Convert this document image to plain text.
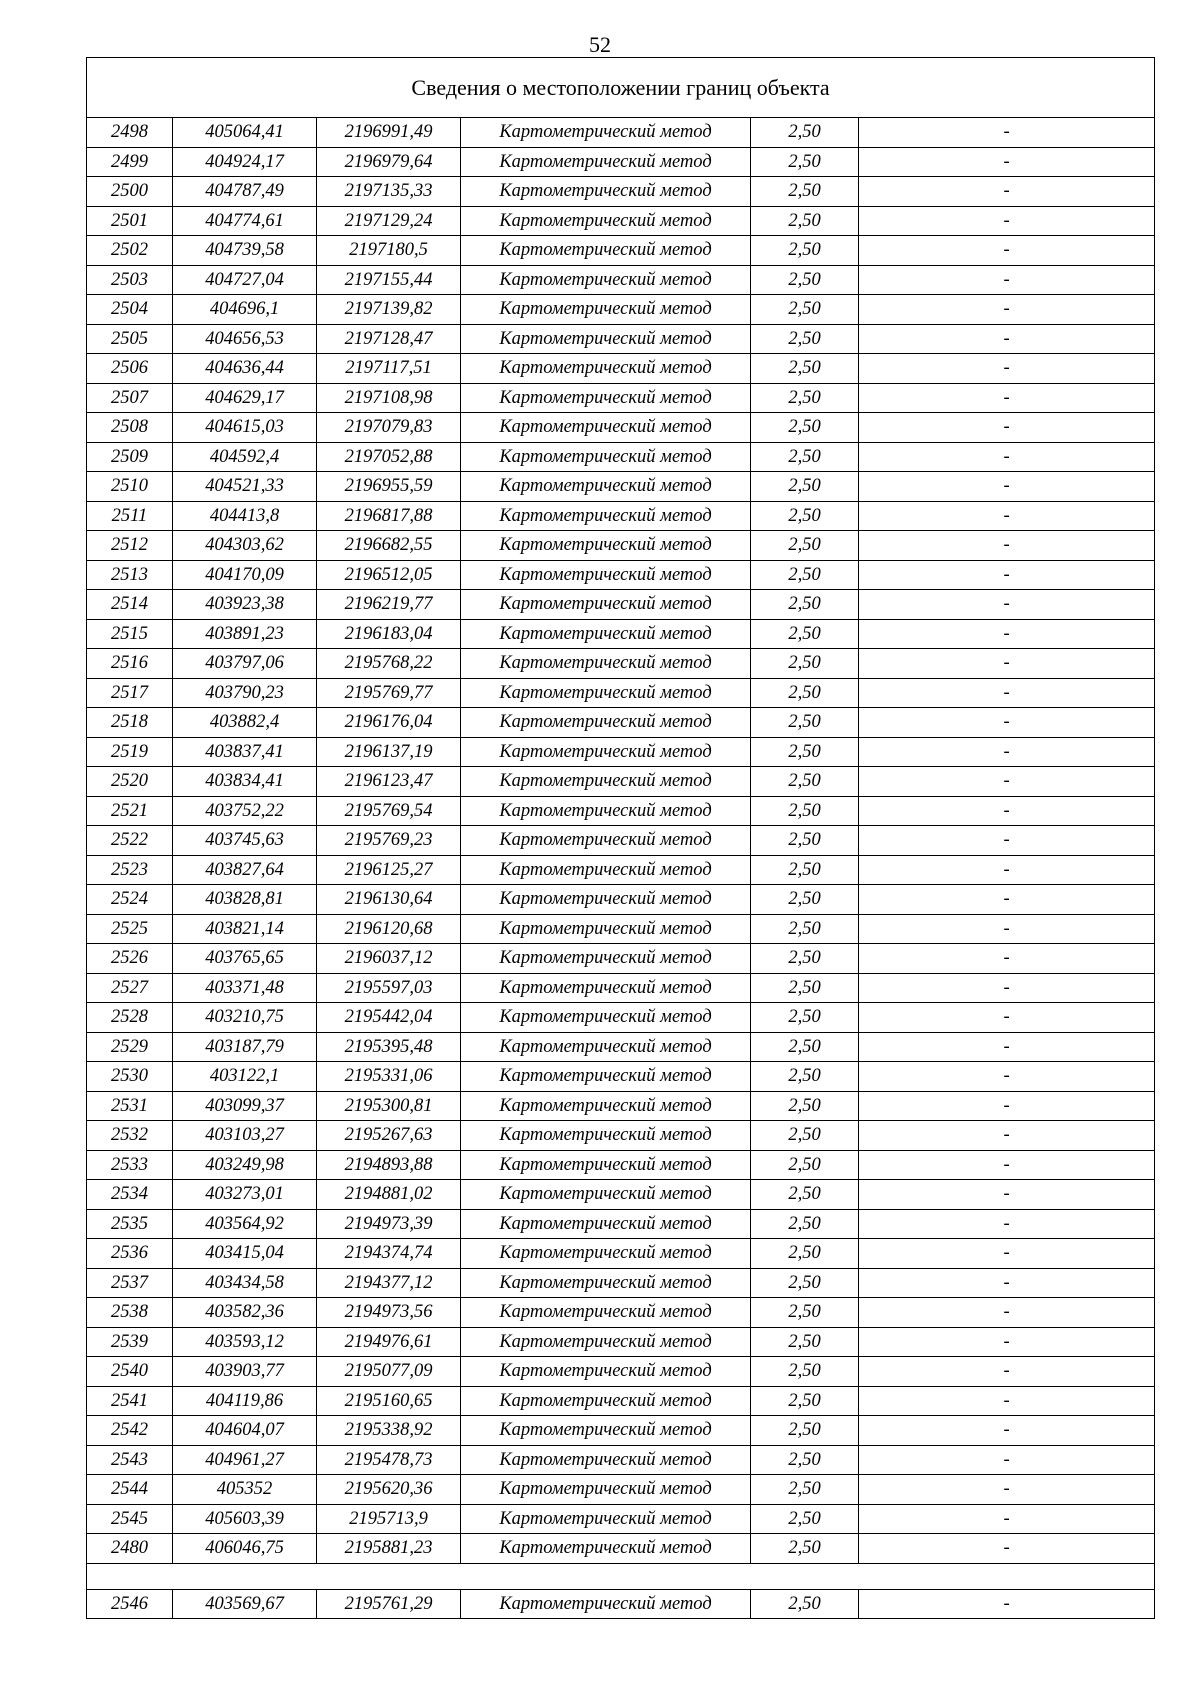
52
Сведения о местоположении границ объекта					
2498	405064,41	2196991,49	Картометрический метод	2,50	-
2499	404924,17	2196979,64	Картометрический метод	2,50	-
2500	404787,49	2197135,33	Картометрический метод	2,50	-
2501	404774,61	2197129,24	Картометрический метод	2,50	-
2502	404739,58	2197180,5	Картометрический метод	2,50	-
2503	404727,04	2197155,44	Картометрический метод	2,50	-
2504	404696,1	2197139,82	Картометрический метод	2,50	-
2505	404656,53	2197128,47	Картометрический метод	2,50	-
2506	404636,44	2197117,51	Картометрический метод	2,50	-
2507	404629,17	2197108,98	Картометрический метод	2,50	-
2508	404615,03	2197079,83	Картометрический метод	2,50	-
2509	404592,4	2197052,88	Картометрический метод	2,50	-
2510	404521,33	2196955,59	Картометрический метод	2,50	-
2511	404413,8	2196817,88	Картометрический метод	2,50	-
2512	404303,62	2196682,55	Картометрический метод	2,50	-
2513	404170,09	2196512,05	Картометрический метод	2,50	-
2514	403923,38	2196219,77	Картометрический метод	2,50	-
2515	403891,23	2196183,04	Картометрический метод	2,50	-
2516	403797,06	2195768,22	Картометрический метод	2,50	-
2517	403790,23	2195769,77	Картометрический метод	2,50	-
2518	403882,4	2196176,04	Картометрический метод	2,50	-
2519	403837,41	2196137,19	Картометрический метод	2,50	-
2520	403834,41	2196123,47	Картометрический метод	2,50	-
2521	403752,22	2195769,54	Картометрический метод	2,50	-
2522	403745,63	2195769,23	Картометрический метод	2,50	-
2523	403827,64	2196125,27	Картометрический метод	2,50	-
2524	403828,81	2196130,64	Картометрический метод	2,50	-
2525	403821,14	2196120,68	Картометрический метод	2,50	-
2526	403765,65	2196037,12	Картометрический метод	2,50	-
2527	403371,48	2195597,03	Картометрический метод	2,50	-
2528	403210,75	2195442,04	Картометрический метод	2,50	-
2529	403187,79	2195395,48	Картометрический метод	2,50	-
2530	403122,1	2195331,06	Картометрический метод	2,50	-
2531	403099,37	2195300,81	Картометрический метод	2,50	-
2532	403103,27	2195267,63	Картометрический метод	2,50	-
2533	403249,98	2194893,88	Картометрический метод	2,50	-
2534	403273,01	2194881,02	Картометрический метод	2,50	-
2535	403564,92	2194973,39	Картометрический метод	2,50	-
2536	403415,04	2194374,74	Картометрический метод	2,50	-
2537	403434,58	2194377,12	Картометрический метод	2,50	-
2538	403582,36	2194973,56	Картометрический метод	2,50	-
2539	403593,12	2194976,61	Картометрический метод	2,50	-
2540	403903,77	2195077,09	Картометрический метод	2,50	-
2541	404119,86	2195160,65	Картометрический метод	2,50	-
2542	404604,07	2195338,92	Картометрический метод	2,50	-
2543	404961,27	2195478,73	Картометрический метод	2,50	-
2544	405352	2195620,36	Картометрический метод	2,50	-
2545	405603,39	2195713,9	Картометрический метод	2,50	-
2480	406046,75	2195881,23	Картометрический метод	2,50	-

2546	403569,67	2195761,29	Картометрический метод	2,50	-
